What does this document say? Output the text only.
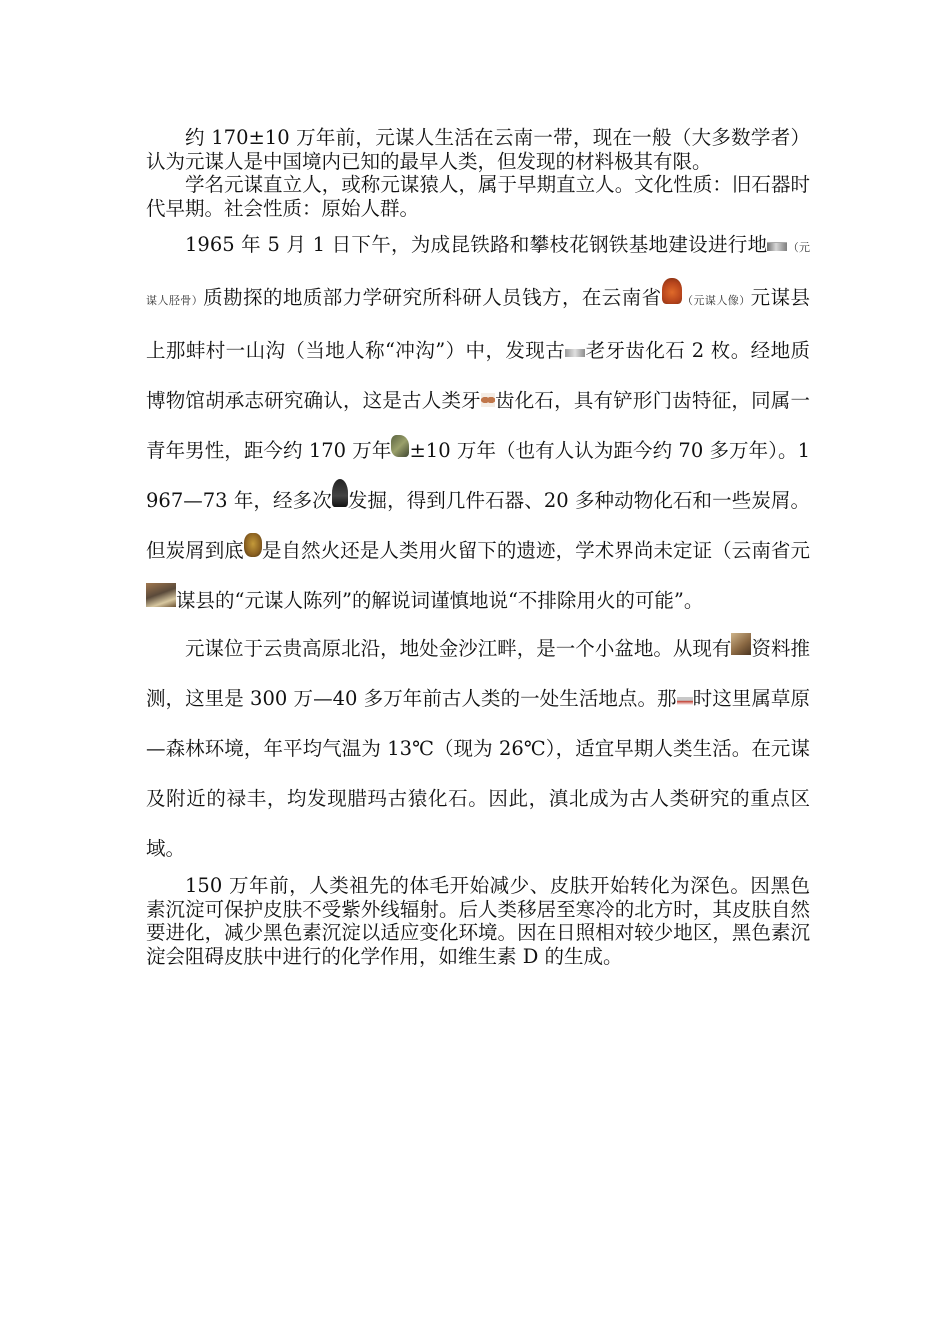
约 170±10 万年前，元谋人生活在云南一带，现在一般（大多数学者）认为元谋人是中国境内已知的最早人类，但发现的材料极其有限。

学名元谋直立人，或称元谋猿人，属于早期直立人。文化性质：旧石器时代早期。社会性质：原始人群。

1965 年 5 月 1 日下午，为成昆铁路和攀枝花钢铁基地建设进行地 （元谋人胫骨）质勘探的地质部力学研究所科研人员钱方，在云南省 （元谋人像）元谋县上那蚌村一山沟（当地人称“冲沟”）中，发现古 老牙齿化石 2 枚。经地质博物馆胡承志研究确认，这是古人类牙 齿化石，具有铲形门齿特征，同属一青年男性，距今约 170 万年 ±10 万年（也有人认为距今约 70 多万年）。1967—73 年，经多次 发掘，得到几件石器、20 多种动物化石和一些炭屑。但炭屑到底 是自然火还是人类用火留下的遗迹，学术界尚未定证（云南省元谋县的“元谋人陈列”的解说词谨慎地说“不排除用火的可能”。

元谋位于云贵高原北沿，地处金沙江畔，是一个小盆地。从现有 资料推测，这里是 300 万—40 多万年前古人类的一处生活地点。那 时这里属草原—森林环境，年平均气温为 13℃（现为 26℃），适宜早期人类生活。在元谋及附近的禄丰，均发现腊玛古猿化石。因此，滇北成为古人类研究的重点区域。

150 万年前，人类祖先的体毛开始减少、皮肤开始转化为深色。因黑色素沉淀可保护皮肤不受紫外线辐射。后人类移居至寒冷的北方时，其皮肤自然要进化，减少黑色素沉淀以适应变化环境。因在日照相对较少地区，黑色素沉淀会阻碍皮肤中进行的化学作用，如维生素 D 的生成。
